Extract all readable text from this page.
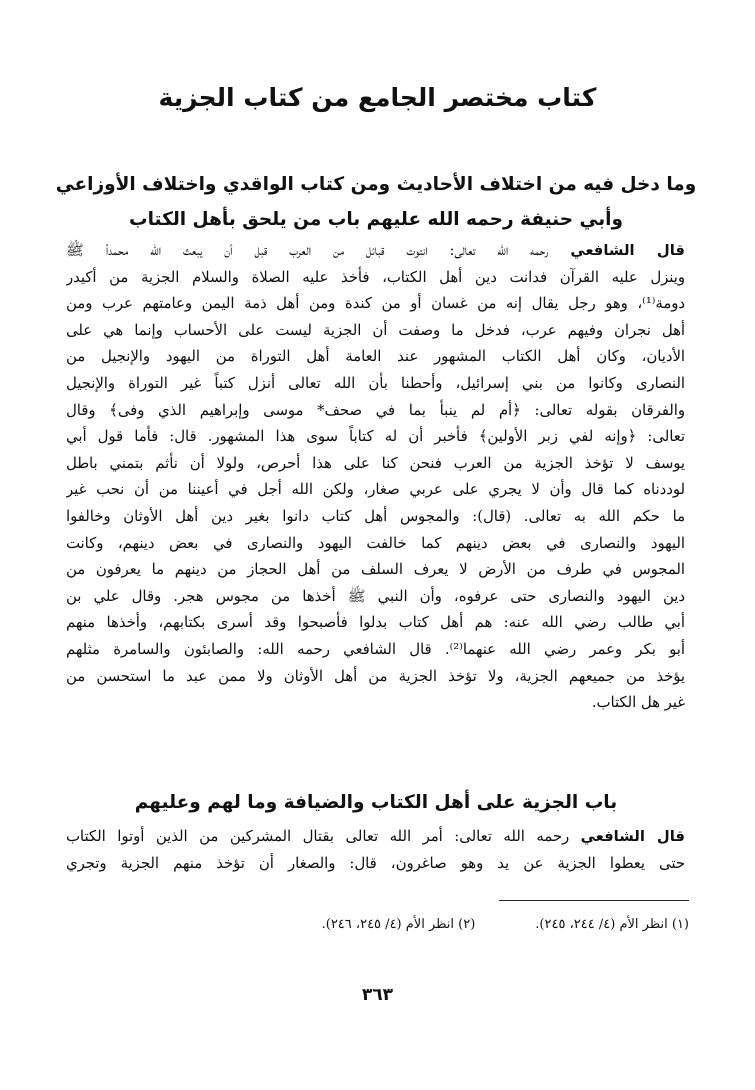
كتاب مختصر الجامع من كتاب الجزية
وما دخل فيه من اختلاف الأحاديث ومن كتاب الواقدي واختلاف الأوزاعي
وأبي حنيفة رحمه الله عليهم باب من يلحق بأهل الكتاب
قال الشافعي رحمه الله تعالى: انتوت قبائل من العرب قبل أن يبعث الله محمداً ﷺ
وينزل عليه القرآن فدانت دين أهل الكتاب، فأخذ عليه الصلاة والسلام الجزية من أكيدر
دومة⁽¹⁾، وهو رجل يقال إنه من غسان أو من كندة ومن أهل ذمة اليمن وعامتهم عرب ومن
أهل نجران وفيهم عرب، فدخل ما وصفت أن الجزية ليست على الأحساب وإنما هي على
الأديان، وكان أهل الكتاب المشهور عند العامة أهل التوراة من اليهود والإنجيل من
النصارى وكانوا من بني إسرائيل، وأحطنا بأن الله تعالى أنزل كتباً غير التوراة والإنجيل
والفرقان بقوله تعالى: ﴿أم لم ينبأ بما في صحف* موسى وإبراهيم الذي وفى﴾ وقال
تعالى: ﴿وإنه لفي زبر الأولين﴾ فأخبر أن له كتاباً سوى هذا المشهور. قال: فأما قول أبي
يوسف لا تؤخذ الجزية من العرب فنحن كنا على هذا أحرص، ولولا أن نأثم بتمني باطل
لوددناه كما قال وأن لا يجري على عربي صغار، ولكن الله أجل في أعيننا من أن نحب غير
ما حكم الله به تعالى. (قال): والمجوس أهل كتاب دانوا بغير دين أهل الأوثان وخالفوا
اليهود والنصارى في بعض دينهم كما خالفت اليهود والنصارى في بعض دينهم، وكانت
المجوس في طرف من الأرض لا يعرف السلف من أهل الحجاز من دينهم ما يعرفون من
دين اليهود والنصارى حتى عرفوه، وأن النبي ﷺ أخذها من مجوس هجر. وقال علي بن
أبي طالب رضي الله عنه: هم أهل كتاب بدلوا فأصبحوا وقد أسرى بكتابهم، وأخذها منهم
أبو بكر وعمر رضي الله عنهما⁽²⁾. قال الشافعي رحمه الله: والصابئون والسامرة مثلهم
يؤخذ من جميعهم الجزية، ولا تؤخذ الجزية من أهل الأوثان ولا ممن عبد ما استحسن من
غير هل الكتاب.
باب الجزية على أهل الكتاب والضيافة وما لهم وعليهم
قال الشافعي رحمه الله تعالى: أمر الله تعالى بقتال المشركين من الذين أوتوا الكتاب
حتى يعطوا الجزية عن يد وهو صاغرون، قال: والصغار أن تؤخذ منهم الجزية وتجري
(١) انظر الأم (٤/ ٢٤٤، ٢٤٥).
(٢) انظر الأم (٤/ ٢٤٥، ٢٤٦).
٣٦٣
